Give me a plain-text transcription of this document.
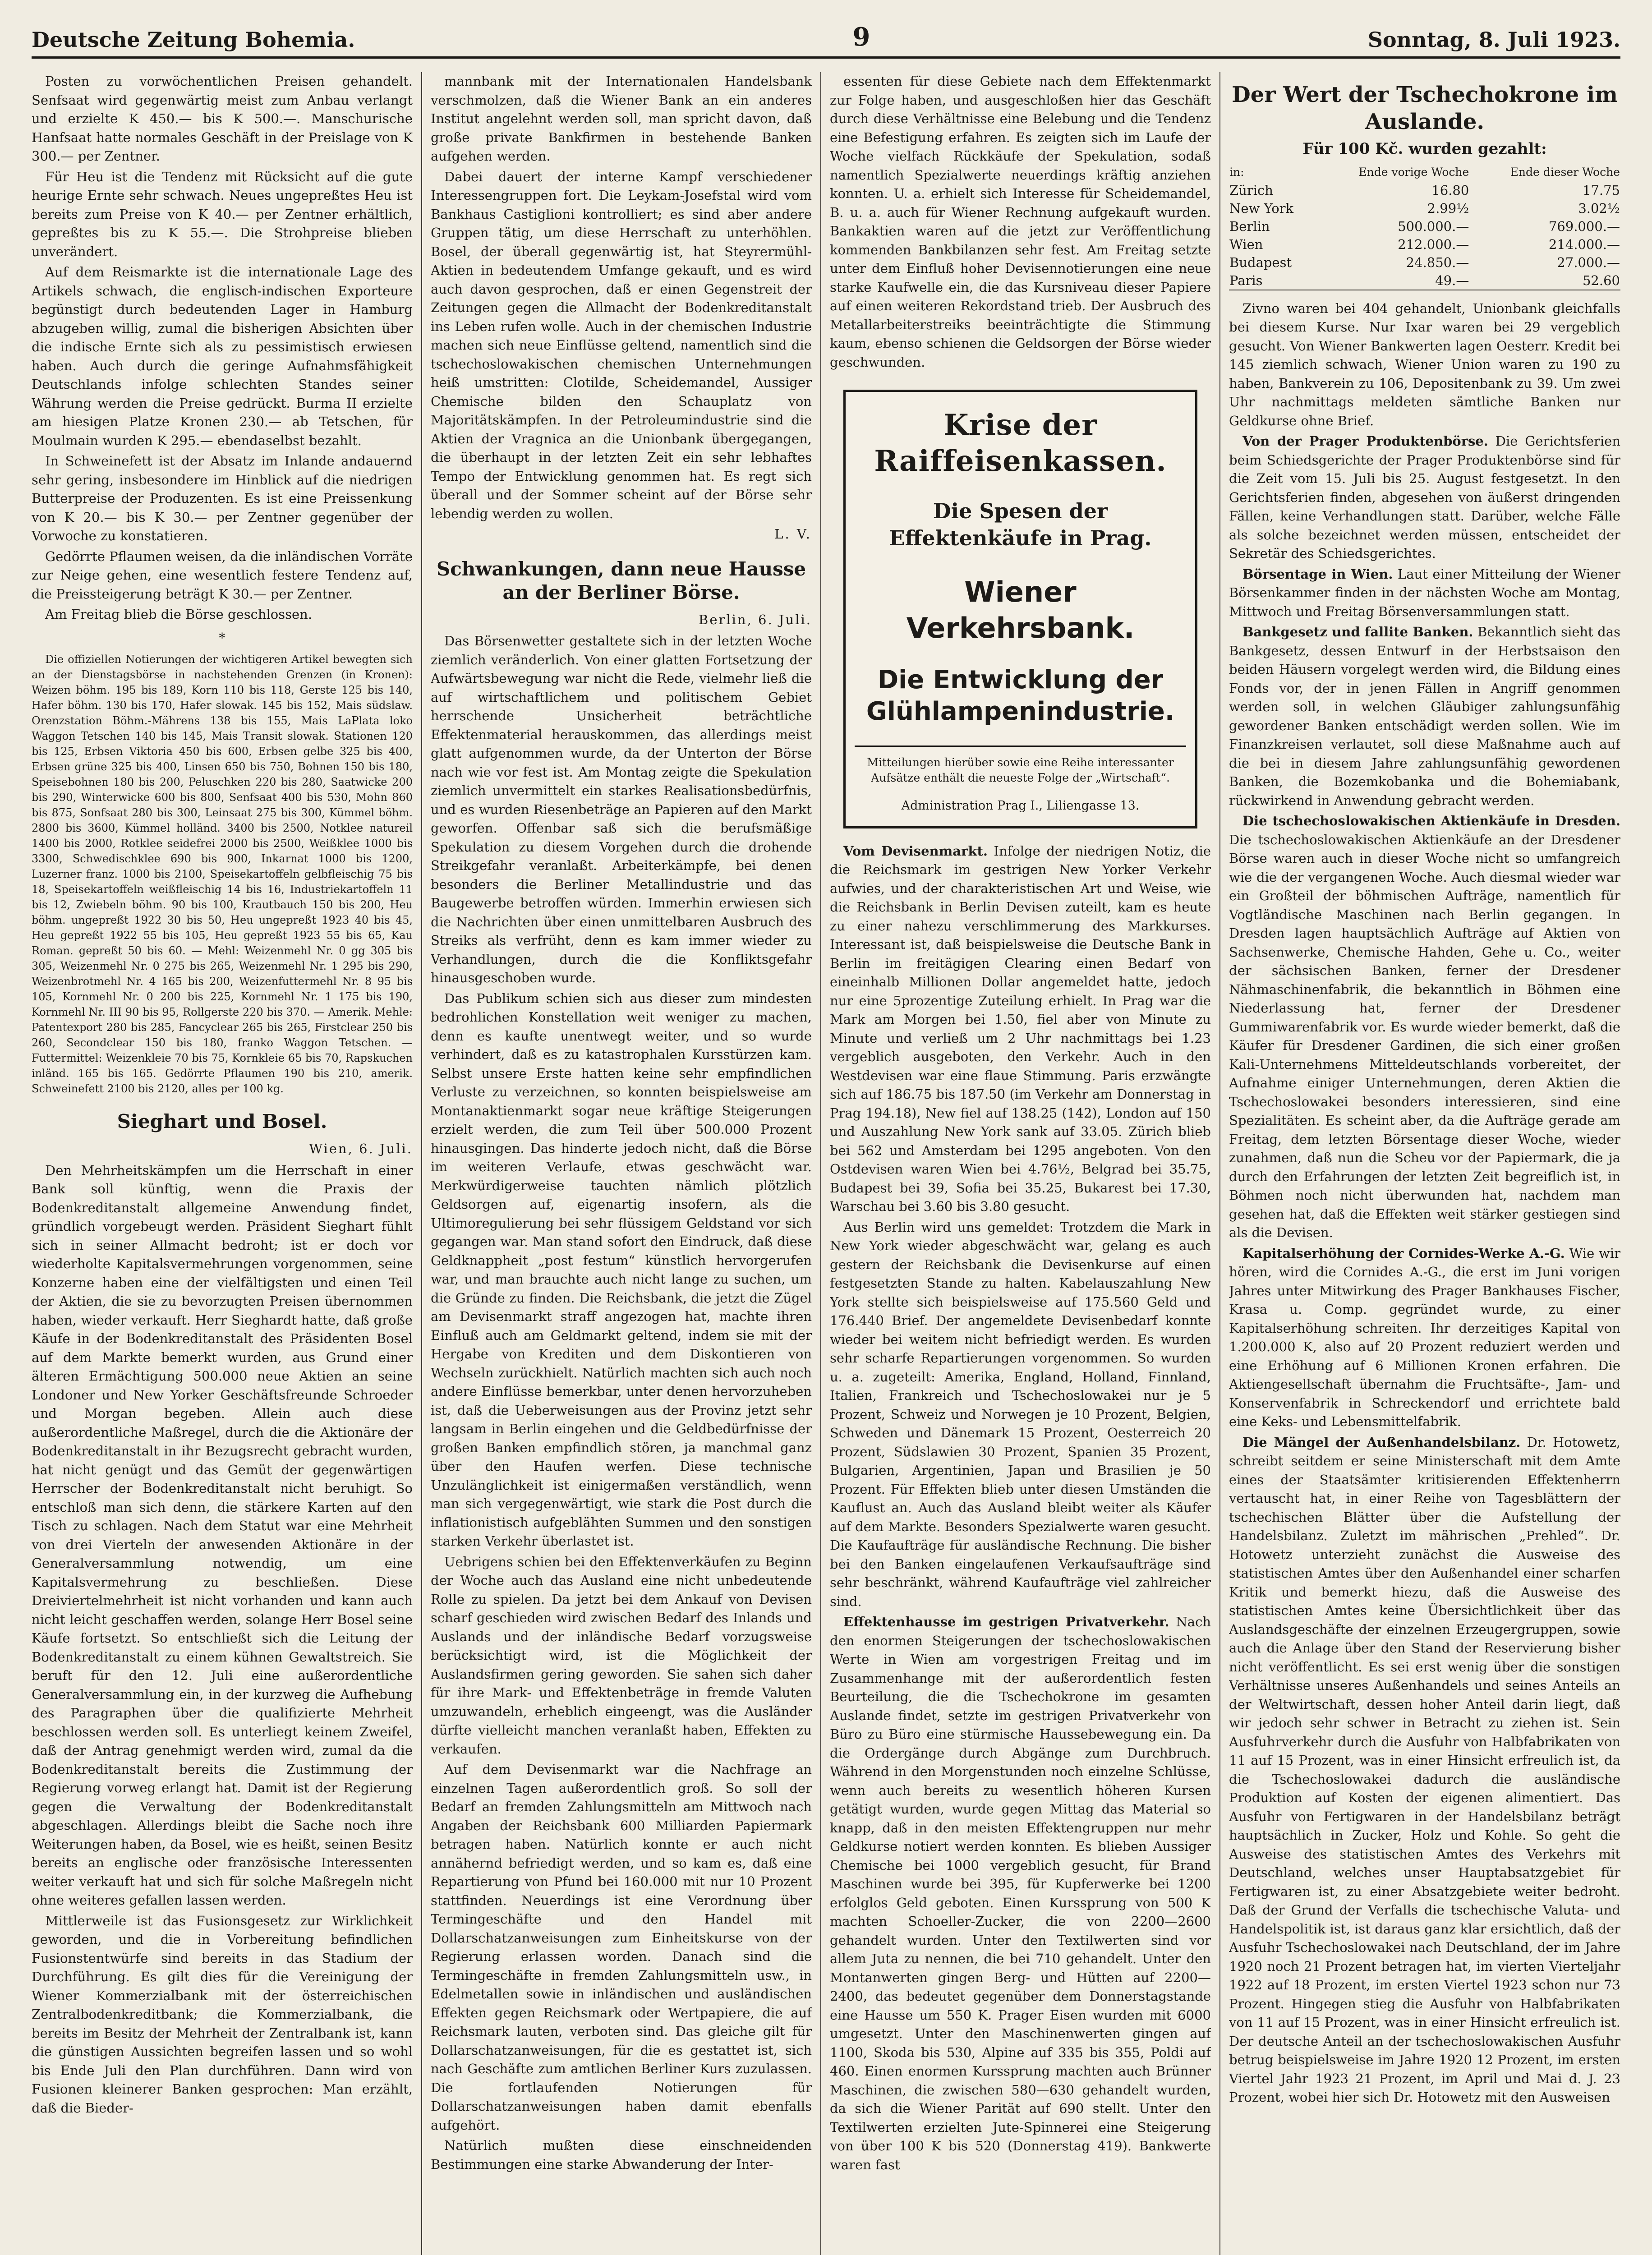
Deutsche Zeitung Bohemia.	9	Sonntag, 8. Juli 1923.

Posten zu vorwöchentlichen Preisen gehandelt. Senfsaat wird gegenwärtig meist zum Anbau verlangt und erzielte K 450.— bis K 500.—. Manschurische Hanfsaat hatte normales Geschäft in der Preislage von K 300.— per Zentner.

Für Heu ist die Tendenz mit Rücksicht auf die gute heurige Ernte sehr schwach. Neues ungepreßtes Heu ist bereits zum Preise von K 40.— per Zentner erhältlich, gepreßtes bis zu K 55.—. Die Strohpreise blieben unverändert.

Auf dem Reismarkte ist die internationale Lage des Artikels schwach, die englisch-indischen Exporteure begünstigt durch bedeutenden Lager in Hamburg abzugeben willig, zumal die bisherigen Absichten über die indische Ernte sich als zu pessimistisch erwiesen haben. Auch durch die geringe Aufnahmsfähigkeit Deutschlands infolge schlechten Standes seiner Währung werden die Preise gedrückt. Burma II erzielte am hiesigen Platze Kronen 230.— ab Tetschen, für Moulmain wurden K 295.— ebendaselbst bezahlt.

In Schweinefett ist der Absatz im Inlande andauernd sehr gering, insbesondere im Hinblick auf die niedrigen Butterpreise der Produzenten. Es ist eine Preissenkung von K 20.— bis K 30.— per Zentner gegenüber der Vorwoche zu konstatieren.

Gedörrte Pflaumen weisen, da die inländischen Vorräte zur Neige gehen, eine wesentlich festere Tendenz auf, die Preissteigerung beträgt K 30.— per Zentner.

Am Freitag blieb die Börse geschlossen.

*

Die offiziellen Notierungen der wichtigeren Artikel bewegten sich an der Dienstagsbörse in nachstehenden Grenzen (in Kronen): Weizen böhm. 195 bis 189, Korn 110 bis 118, Gerste 125 bis 140, Hafer böhm. 130 bis 170, Hafer slowak. 145 bis 152, Mais südslaw. Orenzstation Böhm.-Mährens 138 bis 155, Mais LaPlata loko Waggon Tetschen 140 bis 145, Mais Transit slowak. Stationen 120 bis 125, Erbsen Viktoria 450 bis 600, Erbsen gelbe 325 bis 400, Erbsen grüne 325 bis 400, Linsen 650 bis 750, Bohnen 150 bis 180, Speisebohnen 180 bis 200, Peluschken 220 bis 280, Saatwicke 200 bis 290, Winterwicke 600 bis 800, Senfsaat 400 bis 530, Mohn 860 bis 875, Sonfsaat 280 bis 300, Leinsaat 275 bis 300, Kümmel böhm. 2800 bis 3600, Kümmel holländ. 3400 bis 2500, Notklee natureil 1400 bis 2000, Rotklee seidefrei 2000 bis 2500, Weißklee 1000 bis 3300, Schwedischklee 690 bis 900, Inkarnat 1000 bis 1200, Luzerner franz. 1000 bis 2100, Speisekartoffeln gelbfleischig 75 bis 18, Speisekartoffeln weißfleischig 14 bis 16, Industriekartoffeln 11 bis 12, Zwiebeln böhm. 90 bis 100, Krautbauch 150 bis 200, Heu böhm. ungepreßt 1922 30 bis 50, Heu ungepreßt 1923 40 bis 45, Heu gepreßt 1922 55 bis 105, Heu gepreßt 1923 55 bis 65, Kau Roman. gepreßt 50 bis 60. — Mehl: Weizenmehl Nr. 0 gg 305 bis 305, Weizenmehl Nr. 0 275 bis 265, Weizenmehl Nr. 1 295 bis 290, Weizenbrotmehl Nr. 4 165 bis 200, Weizenfuttermehl Nr. 8 95 bis 105, Kornmehl Nr. 0 200 bis 225, Kornmehl Nr. 1 175 bis 190, Kornmehl Nr. III 90 bis 95, Rollgerste 220 bis 370. — Amerik. Mehle: Patentexport 280 bis 285, Fancyclear 265 bis 265, Firstclear 250 bis 260, Secondclear 150 bis 180, franko Waggon Tetschen. — Futtermittel: Weizenkleie 70 bis 75, Kornkleie 65 bis 70, Rapskuchen inländ. 165 bis 165. Gedörrte Pflaumen 190 bis 210, amerik. Schweinefett 2100 bis 2120, alles per 100 kg.

Sieghart und Bosel.
Wien, 6. Juli.

Den Mehrheitskämpfen um die Herrschaft in einer Bank soll künftig, wenn die Praxis der Bodenkreditanstalt allgemeine Anwendung findet, gründlich vorgebeugt werden. Präsident Sieghart fühlt sich in seiner Allmacht bedroht; ist er doch vor wiederholte Kapitalsvermehrungen vorgenommen, seine Konzerne haben eine der vielfältigsten und einen Teil der Aktien, die sie zu bevorzugten Preisen übernommen haben, wieder verkauft. Herr Sieghardt hatte, daß große Käufe in der Bodenkreditanstalt des Präsidenten Bosel auf dem Markte bemerkt wurden, aus Grund einer älteren Ermächtigung 500.000 neue Aktien an seine Londoner und New Yorker Geschäftsfreunde Schroeder und Morgan begeben. Allein auch diese außerordentliche Maßregel, durch die die Aktionäre der Bodenkreditanstalt in ihr Bezugsrecht gebracht wurden, hat nicht genügt und das Gemüt der gegenwärtigen Herrscher der Bodenkreditanstalt nicht beruhigt. So entschloß man sich denn, die stärkere Karten auf den Tisch zu schlagen. Nach dem Statut war eine Mehrheit von drei Vierteln der anwesenden Aktionäre in der Generalversammlung notwendig, um eine Kapitalsvermehrung zu beschließen. Diese Dreiviertelmehrheit ist nicht vorhanden und kann auch nicht leicht geschaffen werden, solange Herr Bosel seine Käufe fortsetzt. So entschließt sich die Leitung der Bodenkreditanstalt zu einem kühnen Gewaltstreich. Sie beruft für den 12. Juli eine außerordentliche Generalversammlung ein, in der kurzweg die Aufhebung des Paragraphen über die qualifizierte Mehrheit beschlossen werden soll. Es unterliegt keinem Zweifel, daß der Antrag genehmigt werden wird, zumal da die Bodenkreditanstalt bereits die Zustimmung der Regierung vorweg erlangt hat. Damit ist der Regierung gegen die Verwaltung der Bodenkreditanstalt abgeschlagen. Allerdings bleibt die Sache noch ihre Weiterungen haben, da Bosel, wie es heißt, seinen Besitz bereits an englische oder französische Interessenten weiter verkauft hat und sich für solche Maßregeln nicht ohne weiteres gefallen lassen werden.

Mittlerweile ist das Fusionsgesetz zur Wirklichkeit geworden, und die in Vorbereitung befindlichen Fusionstentwürfe sind bereits in das Stadium der Durchführung. Es gilt dies für die Vereinigung der Wiener Kommerzialbank mit der österreichischen Zentralbodenkreditbank; die Kommerzialbank, die bereits im Besitz der Mehrheit der Zentralbank ist, kann die günstigen Aussichten begreifen lassen und so wohl bis Ende Juli den Plan durchführen. Dann wird von Fusionen kleinerer Banken gesprochen: Man erzählt, daß die Bieder-

mannbank mit der Internationalen Handelsbank verschmolzen, daß die Wiener Bank an ein anderes Institut angelehnt werden soll, man spricht davon, daß große private Bankfirmen in bestehende Banken aufgehen werden.

Dabei dauert der interne Kampf verschiedener Interessengruppen fort. Die Leykam-Josefstal wird vom Bankhaus Castiglioni kontrolliert; es sind aber andere Gruppen tätig, um diese Herrschaft zu unterhöhlen. Bosel, der überall gegenwärtig ist, hat Steyrermühl-Aktien in bedeutendem Umfange gekauft, und es wird auch davon gesprochen, daß er einen Gegenstreit der Zeitungen gegen die Allmacht der Bodenkreditanstalt ins Leben rufen wolle. Auch in der chemischen Industrie machen sich neue Einflüsse geltend, namentlich sind die tschechoslowakischen chemischen Unternehmungen heiß umstritten: Clotilde, Scheidemandel, Aussiger Chemische bilden den Schauplatz von Majoritätskämpfen. In der Petroleumindustrie sind die Aktien der Vragnica an die Unionbank übergegangen, die überhaupt in der letzten Zeit ein sehr lebhaftes Tempo der Entwicklung genommen hat. Es regt sich überall und der Sommer scheint auf der Börse sehr lebendig werden zu wollen.

L. V.
Schwankungen, dann neue Hausse an der Berliner Börse.
Berlin, 6. Juli.

Das Börsenwetter gestaltete sich in der letzten Woche ziemlich veränderlich. Von einer glatten Fortsetzung der Aufwärtsbewegung war nicht die Rede, vielmehr ließ die auf wirtschaftlichem und politischem Gebiet herrschende Unsicherheit beträchtliche Effektenmaterial herauskommen, das allerdings meist glatt aufgenommen wurde, da der Unterton der Börse nach wie vor fest ist. Am Montag zeigte die Spekulation ziemlich unvermittelt ein starkes Realisationsbedürfnis, und es wurden Riesenbeträge an Papieren auf den Markt geworfen. Offenbar saß sich die berufsmäßige Spekulation zu diesem Vorgehen durch die drohende Streikgefahr veranlaßt. Arbeiterkämpfe, bei denen besonders die Berliner Metallindustrie und das Baugewerbe betroffen würden. Immerhin erwiesen sich die Nachrichten über einen unmittelbaren Ausbruch des Streiks als verfrüht, denn es kam immer wieder zu Verhandlungen, durch die die Konfliktsgefahr hinausgeschoben wurde.

Das Publikum schien sich aus dieser zum mindesten bedrohlichen Konstellation weit weniger zu machen, denn es kaufte unentwegt weiter, und so wurde verhindert, daß es zu katastrophalen Kursstürzen kam. Selbst unsere Erste hatten keine sehr empfindlichen Verluste zu verzeichnen, so konnten beispielsweise am Montanaktienmarkt sogar neue kräftige Steigerungen erzielt werden, die zum Teil über 500.000 Prozent hinausgingen. Das hinderte jedoch nicht, daß die Börse im weiteren Verlaufe, etwas geschwächt war. Merkwürdigerweise tauchten nämlich plötzlich Geldsorgen auf, eigenartig insofern, als die Ultimoregulierung bei sehr flüssigem Geldstand vor sich gegangen war. Man stand sofort den Eindruck, daß diese Geldknappheit „post festum“ künstlich hervorgerufen war, und man brauchte auch nicht lange zu suchen, um die Gründe zu finden. Die Reichsbank, die jetzt die Zügel am Devisenmarkt straff angezogen hat, machte ihren Einfluß auch am Geldmarkt geltend, indem sie mit der Hergabe von Krediten und dem Diskontieren von Wechseln zurückhielt. Natürlich machten sich auch noch andere Einflüsse bemerkbar, unter denen hervorzuheben ist, daß die Ueberweisungen aus der Provinz jetzt sehr langsam in Berlin eingehen und die Geldbedürfnisse der großen Banken empfindlich stören, ja manchmal ganz über den Haufen werfen. Diese technische Unzulänglichkeit ist einigermaßen verständlich, wenn man sich vergegenwärtigt, wie stark die Post durch die inflationistisch aufgeblähten Summen und den sonstigen starken Verkehr überlastet ist.

Uebrigens schien bei den Effektenverkäufen zu Beginn der Woche auch das Ausland eine nicht unbedeutende Rolle zu spielen. Da jetzt bei dem Ankauf von Devisen scharf geschieden wird zwischen Bedarf des Inlands und Auslands und der inländische Bedarf vorzugsweise berücksichtigt wird, ist die Möglichkeit der Auslandsfirmen gering geworden. Sie sahen sich daher für ihre Mark- und Effektenbeträge in fremde Valuten umzuwandeln, erheblich eingeengt, was die Ausländer dürfte vielleicht manchen veranlaßt haben, Effekten zu verkaufen.

Auf dem Devisenmarkt war die Nachfrage an einzelnen Tagen außerordentlich groß. So soll der Bedarf an fremden Zahlungsmitteln am Mittwoch nach Angaben der Reichsbank 600 Milliarden Papiermark betragen haben. Natürlich konnte er auch nicht annähernd befriedigt werden, und so kam es, daß eine Repartierung von Pfund bei 160.000 mit nur 10 Prozent stattfinden. Neuerdings ist eine Verordnung über Termingeschäfte und den Handel mit Dollarschatzanweisungen zum Einheitskurse von der Regierung erlassen worden. Danach sind die Termingeschäfte in fremden Zahlungsmitteln usw., in Edelmetallen sowie in inländischen und ausländischen Effekten gegen Reichsmark oder Wertpapiere, die auf Reichsmark lauten, verboten sind. Das gleiche gilt für Dollarschatzanweisungen, für die es gestattet ist, sich nach Geschäfte zum amtlichen Berliner Kurs zuzulassen. Die fortlaufenden Notierungen für Dollarschatzanweisungen haben damit ebenfalls aufgehört.

Natürlich mußten diese einschneidenden Bestimmungen eine starke Abwanderung der Inter-

essenten für diese Gebiete nach dem Effektenmarkt zur Folge haben, und ausgeschloßen hier das Geschäft durch diese Verhältnisse eine Belebung und die Tendenz eine Befestigung erfahren. Es zeigten sich im Laufe der Woche vielfach Rückkäufe der Spekulation, sodaß namentlich Spezialwerte neuerdings kräftig anziehen konnten. U. a. erhielt sich Interesse für Scheidemandel, B. u. a. auch für Wiener Rechnung aufgekauft wurden. Bankaktien waren auf die jetzt zur Veröffentlichung kommenden Bankbilanzen sehr fest. Am Freitag setzte unter dem Einfluß hoher Devisennotierungen eine neue starke Kaufwelle ein, die das Kursniveau dieser Papiere auf einen weiteren Rekordstand trieb. Der Ausbruch des Metallarbeiterstreiks beeinträchtigte die Stimmung kaum, ebenso schienen die Geldsorgen der Börse wieder geschwunden.

Krise der Raiffeisenkassen.
Die Spesen der Effektenkäufe in Prag.
Wiener Verkehrsbank.
Die Entwicklung der Glühlampenindustrie.
Mitteilungen hierüber sowie eine Reihe interessanter Aufsätze enthält die neueste Folge der „Wirtschaft“.
Administration Prag I., Liliengasse 13.

Vom Devisenmarkt. Infolge der niedrigen Notiz, die die Reichsmark im gestrigen New Yorker Verkehr aufwies, und der charakteristischen Art und Weise, wie die Reichsbank in Berlin Devisen zuteilt, kam es heute zu einer nahezu verschlimmerung des Markkurses. Interessant ist, daß beispielsweise die Deutsche Bank in Berlin im freitägigen Clearing einen Bedarf von eineinhalb Millionen Dollar angemeldet hatte, jedoch nur eine 5prozentige Zuteilung erhielt. In Prag war die Mark am Morgen bei 1.50, fiel aber von Minute zu Minute und verließ um 2 Uhr nachmittags bei 1.23 vergeblich ausgeboten, den Verkehr. Auch in den Westdevisen war eine flaue Stimmung. Paris erzwängte sich auf 186.75 bis 187.50 (im Verkehr am Donnerstag in Prag 194.18), New fiel auf 138.25 (142), London auf 150 und Auszahlung New York sank auf 33.05. Zürich blieb bei 562 und Amsterdam bei 1295 angeboten. Von den Ostdevisen waren Wien bei 4.76½, Belgrad bei 35.75, Budapest bei 39, Sofia bei 35.25, Bukarest bei 17.30, Warschau bei 3.60 bis 3.80 gesucht.

Aus Berlin wird uns gemeldet: Trotzdem die Mark in New York wieder abgeschwächt war, gelang es auch gestern der Reichsbank die Devisenkurse auf einen festgesetzten Stande zu halten. Kabelauszahlung New York stellte sich beispielsweise auf 175.560 Geld und 176.440 Brief. Der angemeldete Devisenbedarf konnte wieder bei weitem nicht befriedigt werden. Es wurden sehr scharfe Repartierungen vorgenommen. So wurden u. a. zugeteilt: Amerika, England, Holland, Finnland, Italien, Frankreich und Tschechoslowakei nur je 5 Prozent, Schweiz und Norwegen je 10 Prozent, Belgien, Schweden und Dänemark 15 Prozent, Oesterreich 20 Prozent, Südslawien 30 Prozent, Spanien 35 Prozent, Bulgarien, Argentinien, Japan und Brasilien je 50 Prozent. Für Effekten blieb unter diesen Umständen die Kauflust an. Auch das Ausland bleibt weiter als Käufer auf dem Markte. Besonders Spezialwerte waren gesucht. Die Kaufaufträge für ausländische Rechnung. Die bisher bei den Banken eingelaufenen Verkaufsaufträge sind sehr beschränkt, während Kaufaufträge viel zahlreicher sind.

Effektenhausse im gestrigen Privatverkehr. Nach den enormen Steigerungen der tschechoslowakischen Werte in Wien am vorgestrigen Freitag und im Zusammenhange mit der außerordentlich festen Beurteilung, die die Tschechokrone im gesamten Auslande findet, setzte im gestrigen Privatverkehr von Büro zu Büro eine stürmische Haussebewegung ein. Da die Ordergänge durch Abgänge zum Durchbruch. Während in den Morgenstunden noch einzelne Schlüsse, wenn auch bereits zu wesentlich höheren Kursen getätigt wurden, wurde gegen Mittag das Material so knapp, daß in den meisten Effektengruppen nur mehr Geldkurse notiert werden konnten. Es blieben Aussiger Chemische bei 1000 vergeblich gesucht, für Brand Maschinen wurde bei 395, für Kupferwerke bei 1200 erfolglos Geld geboten. Einen Kurssprung von 500 K machten Schoeller-Zucker, die von 2200—2600 gehandelt wurden. Unter den Textilwerten sind vor allem Juta zu nennen, die bei 710 gehandelt. Unter den Montanwerten gingen Berg- und Hütten auf 2200—2400, das bedeutet gegenüber dem Donnerstagstande eine Hausse um 550 K. Prager Eisen wurden mit 6000 umgesetzt. Unter den Maschinenwerten gingen auf 1100, Skoda bis 530, Alpine auf 335 bis 355, Poldi auf 460. Einen enormen Kurssprung machten auch Brünner Maschinen, die zwischen 580—630 gehandelt wurden, da sich die Wiener Parität auf 690 stellt. Unter den Textilwerten erzielten Jute-Spinnerei eine Steigerung von über 100 K bis 520 (Donnerstag 419). Bankwerte waren fast

Der Wert der Tschechokrone im Auslande.
Für 100 Kč. wurden gezahlt:
in:	Ende vorige Woche	Ende dieser Woche
Zürich	16.80	17.75
New York	2.99½	3.02½
Berlin	500.000.—	769.000.—
Wien	212.000.—	214.000.—
Budapest	24.850.—	27.000.—
Paris	49.—	52.60

Zivno waren bei 404 gehandelt, Unionbank gleichfalls bei diesem Kurse. Nur Ixar waren bei 29 vergeblich gesucht. Von Wiener Bankwerten lagen Oesterr. Kredit bei 145 ziemlich schwach, Wiener Union waren zu 190 zu haben, Bankverein zu 106, Depositenbank zu 39. Um zwei Uhr nachmittags meldeten sämtliche Banken nur Geldkurse ohne Brief.

Von der Prager Produktenbörse. Die Gerichtsferien beim Schiedsgerichte der Prager Produktenbörse sind für die Zeit vom 15. Juli bis 25. August festgesetzt. In den Gerichtsferien finden, abgesehen von äußerst dringenden Fällen, keine Verhandlungen statt. Darüber, welche Fälle als solche bezeichnet werden müssen, entscheidet der Sekretär des Schiedsgerichtes.

Börsentage in Wien. Laut einer Mitteilung der Wiener Börsenkammer finden in der nächsten Woche am Montag, Mittwoch und Freitag Börsenversammlungen statt.

Bankgesetz und fallite Banken. Bekanntlich sieht das Bankgesetz, dessen Entwurf in der Herbstsaison den beiden Häusern vorgelegt werden wird, die Bildung eines Fonds vor, der in jenen Fällen in Angriff genommen werden soll, in welchen Gläubiger zahlungsunfähig gewordener Banken entschädigt werden sollen. Wie im Finanzkreisen verlautet, soll diese Maßnahme auch auf die bei in diesem Jahre zahlungsunfähig gewordenen Banken, die Bozemkobanka und die Bohemiabank, rückwirkend in Anwendung gebracht werden.

Die tschechoslowakischen Aktienkäufe in Dresden. Die tschechoslowakischen Aktienkäufe an der Dresdener Börse waren auch in dieser Woche nicht so umfangreich wie die der vergangenen Woche. Auch diesmal wieder war ein Großteil der böhmischen Aufträge, namentlich für Vogtländische Maschinen nach Berlin gegangen. In Dresden lagen hauptsächlich Aufträge auf Aktien von Sachsenwerke, Chemische Hahden, Gehe u. Co., weiter der sächsischen Banken, ferner der Dresdener Nähmaschinenfabrik, die bekanntlich in Böhmen eine Niederlassung hat, ferner der Dresdener Gummiwarenfabrik vor. Es wurde wieder bemerkt, daß die Käufer für Dresdener Gardinen, die sich einer großen Kali-Unternehmens Mitteldeutschlands vorbereitet, der Aufnahme einiger Unternehmungen, deren Aktien die Tschechoslowakei besonders interessieren, sind eine Spezialitäten. Es scheint aber, da die Aufträge gerade am Freitag, dem letzten Börsentage dieser Woche, wieder zunahmen, daß nun die Scheu vor der Papiermark, die ja durch den Erfahrungen der letzten Zeit begreiflich ist, in Böhmen noch nicht überwunden hat, nachdem man gesehen hat, daß die Effekten weit stärker gestiegen sind als die Devisen.

Kapitalserhöhung der Cornides-Werke A.-G. Wie wir hören, wird die Cornides A.-G., die erst im Juni vorigen Jahres unter Mitwirkung des Prager Bankhauses Fischer, Krasa u. Comp. gegründet wurde, zu einer Kapitalserhöhung schreiten. Ihr derzeitiges Kapital von 1.200.000 K, also auf 20 Prozent reduziert werden und eine Erhöhung auf 6 Millionen Kronen erfahren. Die Aktiengesellschaft übernahm die Fruchtsäfte-, Jam- und Konservenfabrik in Schreckendorf und errichtete bald eine Keks- und Lebensmittelfabrik.

Die Mängel der Außenhandelsbilanz. Dr. Hotowetz, schreibt seitdem er seine Ministerschaft mit dem Amte eines der Staatsämter kritisierenden Effektenherrn vertauscht hat, in einer Reihe von Tagesblättern der tschechischen Blätter über die Aufstellung der Handelsbilanz. Zuletzt im mährischen „Prehled“. Dr. Hotowetz unterzieht zunächst die Ausweise des statistischen Amtes über den Außenhandel einer scharfen Kritik und bemerkt hiezu, daß die Ausweise des statistischen Amtes keine Übersichtlichkeit über das Auslandsgeschäfte der einzelnen Erzeugergruppen, sowie auch die Anlage über den Stand der Reservierung bisher nicht veröffentlicht. Es sei erst wenig über die sonstigen Verhältnisse unseres Außenhandels und seines Anteils an der Weltwirtschaft, dessen hoher Anteil darin liegt, daß wir jedoch sehr schwer in Betracht zu ziehen ist. Sein Ausfuhrverkehr durch die Ausfuhr von Halbfabrikaten von 11 auf 15 Prozent, was in einer Hinsicht erfreulich ist, da die Tschechoslowakei dadurch die ausländische Produktion auf Kosten der eigenen alimentiert. Das Ausfuhr von Fertigwaren in der Handelsbilanz beträgt hauptsächlich in Zucker, Holz und Kohle. So geht die Ausweise des statistischen Amtes des Verkehrs mit Deutschland, welches unser Hauptabsatzgebiet für Fertigwaren ist, zu einer Absatzgebiete weiter bedroht. Daß der Grund der Verfalls die tschechische Valuta- und Handelspolitik ist, ist daraus ganz klar ersichtlich, daß der Ausfuhr Tschechoslowakei nach Deutschland, der im Jahre 1920 noch 21 Prozent betragen hat, im vierten Vierteljahr 1922 auf 18 Prozent, im ersten Viertel 1923 schon nur 73 Prozent. Hingegen stieg die Ausfuhr von Halbfabrikaten von 11 auf 15 Prozent, was in einer Hinsicht erfreulich ist. Der deutsche Anteil an der tschechoslowakischen Ausfuhr betrug beispielsweise im Jahre 1920 12 Prozent, im ersten Viertel Jahr 1923 21 Prozent, im April und Mai d. J. 23 Prozent, wobei hier sich Dr. Hotowetz mit den Ausweisen
